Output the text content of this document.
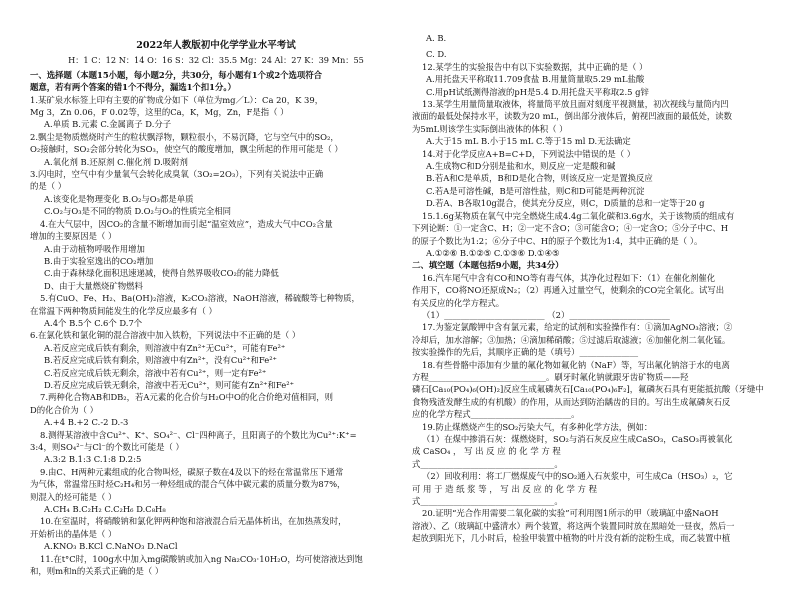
2022年人教版初中化学学业水平考试
H：1 C：12 N：14 O：16 S：32 Cl：35.5 Mg：24 Al：27 K：39 Mn：55
一、选择题（本题15小题，每小题2分，共30分，每小题有1个或2个选项符合
题意，若有两个答案的错1个不得分，漏选1个扣1分。）
1.某矿泉水标签上印有主要的矿物成分如下（单位为mg／L）：Ca 20，K 39，
Mg 3，Zn 0.06，F 0.02等，这里的Ca，K，Mg，Zn，F是指（ ）
A.单质 B.元素 C.金属离子 D.分子
2.飘尘是物质燃烧时产生的粒状飘浮物，颗粒很小，不易沉降，它与空气中的SO₂，
O₂接触时，SO₂会部分转化为SO₃，使空气的酸度增加，飘尘所起的作用可能是（ ）
A.氧化剂 B.还原剂 C.催化剂 D.吸附剂
3.闪电时，空气中有少量氧气会转化成臭氧（3O₂=2O₃），下列有关说法中正确
的是（ ）
A.该变化是物理变化 B.O₂与O₃都是单质
C.O₂与O₃是不同的物质 D.O₂与O₃的性质完全相同
4.在大气层中，因CO₂的含量不断增加而引起“温室效应”，造成大气中CO₂含量
增加的主要原因是（ ）
A.由于动植物呼吸作用增加
B.由于实验室逸出的CO₂增加
C.由于森林绿化面积迅速递减，使得自然界吸收CO₂的能力降低
D、由于大量燃烧矿物燃料
5.有CuO、Fe、H₂、Ba(OH)₂溶液，K₂CO₃溶液，NaOH溶液，稀硫酸等七种物质，
在常温下两种物质间能发生的化学反应最多有（ ）
A.4个 B.5个 C.6个 D.7个
6.在氯化铁和氯化铜的混合溶液中加入铁粉，下列说法中不正确的是（ ）
A.若反应完成后铁有剩余，则溶液中有Zn²⁺无Cu²⁺，可能有Fe²⁺
B.若反应完成后铁有剩余，则溶液中有Zn²⁺，没有Cu²⁺和Fe²⁺
C.若反应完成后铁无剩余，溶液中若有Cu²⁺，则一定有Fe²⁺
D.若反应完成后铁无剩余，溶液中若无Cu²⁺，则可能有Zn²⁺和Fe²⁺
7.两种化合物AB和DB₂，若A元素的化合价与H₂O中O的化合价绝对值相同，则
D的化合价为（ ）
A.+4 B.+2 C.-2 D.-3
8.测得某溶液中含Cu²⁺、K⁺、SO₄²⁻、Cl⁻四种离子，且阳离子的个数比为Cu²⁺:K⁺=
3:4，则SO₄²⁻与Cl⁻的个数比可能是（ ）
A.3:2 B.1:3 C.1:8 D.2:5
9.由C、H两种元素组成的化合物叫烃，碳原子数在4及以下的烃在常温常压下通常
为气体，常温常压时烃C₂H₄和另一种烃组成的混合气体中碳元素的质量分数为87%，
则混入的烃可能是（ ）
A.CH₄ B.C₂H₂ C.C₂H₆ D.C₈H₈
10.在室温时，将硝酸钠和氯化钾两种饱和溶液混合后无晶体析出，在加热蒸发时，
开始析出的晶体是（ ）
A.KNO₃ B.KCl C.NaNO₃ D.NaCl
11.在t°C时，100g水中加入mg碳酸钠或加入ng Na₂CO₃·10H₂O，均可使溶液达到饱
和，则m和n的关系式正确的是（ ）
A. B.
C. D.
12.某学生的实验报告中有以下实验数据，其中正确的是（ ）
A.用托盘天平称取11.709食盐 B.用量筒量取5.29 mL盐酸
C.用pH试纸测得溶液的pH是5.4 D.用托盘天平称取2.5 g锌
13.某学生用量筒量取液体，将量筒平放且面对刻度平视测量，初次视线与量筒内凹
液面的最低处保持水平，读数为20 mL，倒出部分液体后，俯视凹液面的最低处，读数
为5mL则该学生实际倒出液体的体积（ ）
A.大于15 mL B.小于15 mL C.等于15 ml D.无法确定
14.对于化学反应A+B=C+D，下列说法中错误的是（ ）
A.生成物C和D分别是盐和水，则反应一定是酸和碱
B.若A和C是单质，B和D是化合物，则该反应一定是置换反应
C.若A是可溶性碱，B是可溶性盐，则C和D可能是两种沉淀
D.若A、B各取10g混合，使其充分反应，则C，D质量的总和一定等于20 g
15.1.6g某物质在氧气中完全燃烧生成4.4g二氧化碳和3.6g水，关于该物质的组成有
下列论断：①一定含C、H；②一定不含O；③可能含O；④一定含O；⑤分子中C、H
的原子个数比为1:2；⑥分子中C、H的原子个数比为1:4，其中正确的是（ ）。
A.①②⑥ B.①②⑤ C.①③⑥ D.①④⑤
二、填空题（本题包括9小题，共34分）
16.汽车尾气中含有CO和NO等有毒气体，其净化过程如下：（1）在催化剂催化
作用下，CO将NO还原成N₂；（2）再通入过量空气，使剩余的CO完全氧化。试写出
有关反应的化学方程式。
（1）________________________ （2）________________________
17.为鉴定氯酸钾中含有氯元素，给定的试剂和实验操作有：①滴加AgNO₃溶液；②
冷却后，加水溶解；③加热；④滴加稀硝酸；⑤过滤后取滤液；⑥加催化剂二氧化锰。
按实验操作的先后，其顺序正确的是（填号）______________
18.有些骨骼中添加有少量的氟化物如氟化钠（NaF）等，写出氟化钠溶于水的电离
方程____________________________。刷牙时氟化钠就跟牙齿矿物质——羟
磷石[Ca₁₀(PO₄)₆(OH)₂]反应生成氟磷灰石[Ca₁₀(PO₄)₆F₂]，氟磷灰石具有更能抵抗酸（牙缝中
食物残渣发酵生成的有机酸）的作用，从而达到防治龋齿的目的。写出生成氟磷灰石反
应的化学方程式________________________。
19.防止煤燃烧产生的SO₂污染大气，有多种化学方法，例如：
（1）在煤中掺消石灰：煤燃烧时，SO₂与消石灰反应生成CaSO₃，CaSO₃再被氧化
成 CaSO₄ ， 写 出 反 应 的 化 学 方 程
式________________________________。
（2）回收利用：将工厂燃煤废气中的SO₂通入石灰浆中，可生成Ca（HSO₃）₂，它
可 用 于 造 纸 浆 等 ， 写 出 反 应 的 化 学 方 程
式________________________________。
20.证明“光合作用需要二氧化碳的实验”可利用图1所示的甲（玻璃缸中盛NaOH
溶液）、乙（玻璃缸中盛清水）两个装置，将这两个装置同时放在黑暗处一昼夜，然后一
起放到阳光下，几小时后，检验甲装置中植物的叶片没有新的淀粉生成，而乙装置中植
